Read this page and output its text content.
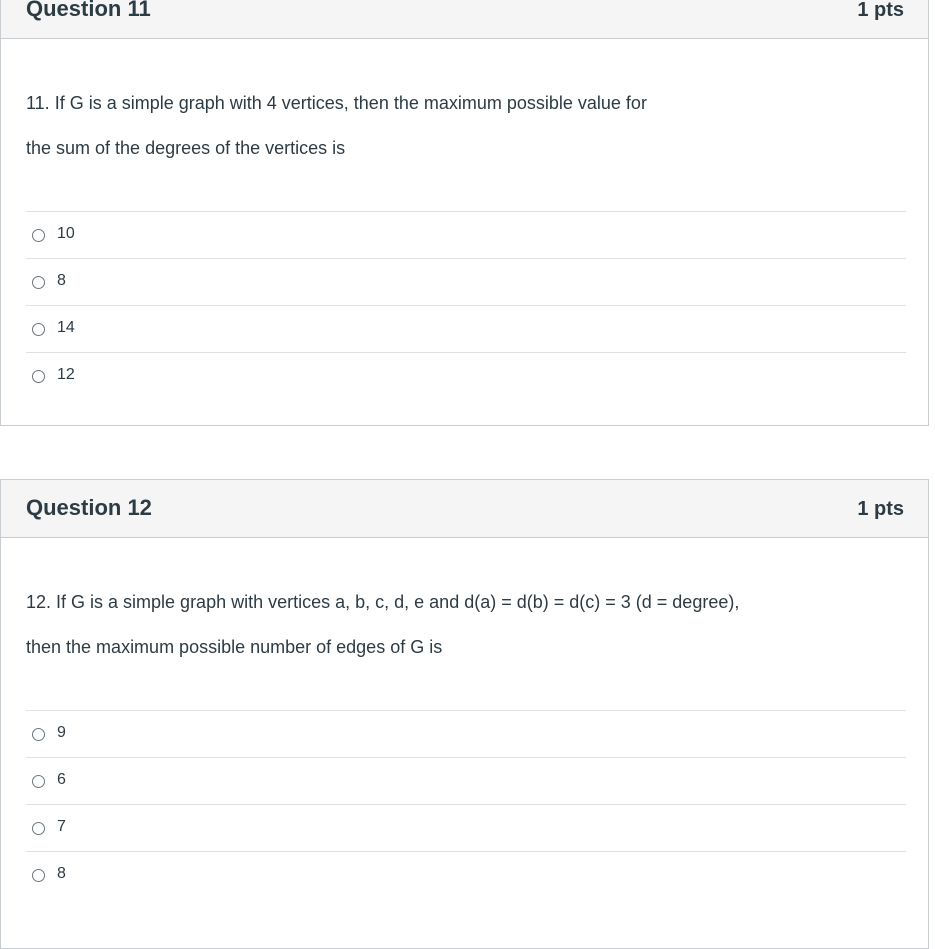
Question 11	1 pts
11. If G is a simple graph with 4 vertices, then the maximum possible value for
the sum of the degrees of the vertices is
10
8
14
12
Question 12	1 pts
12. If G is a simple graph with vertices a, b, c, d, e and d(a) = d(b) = d(c) = 3 (d = degree),
then the maximum possible number of edges of G is
9
6
7
8
